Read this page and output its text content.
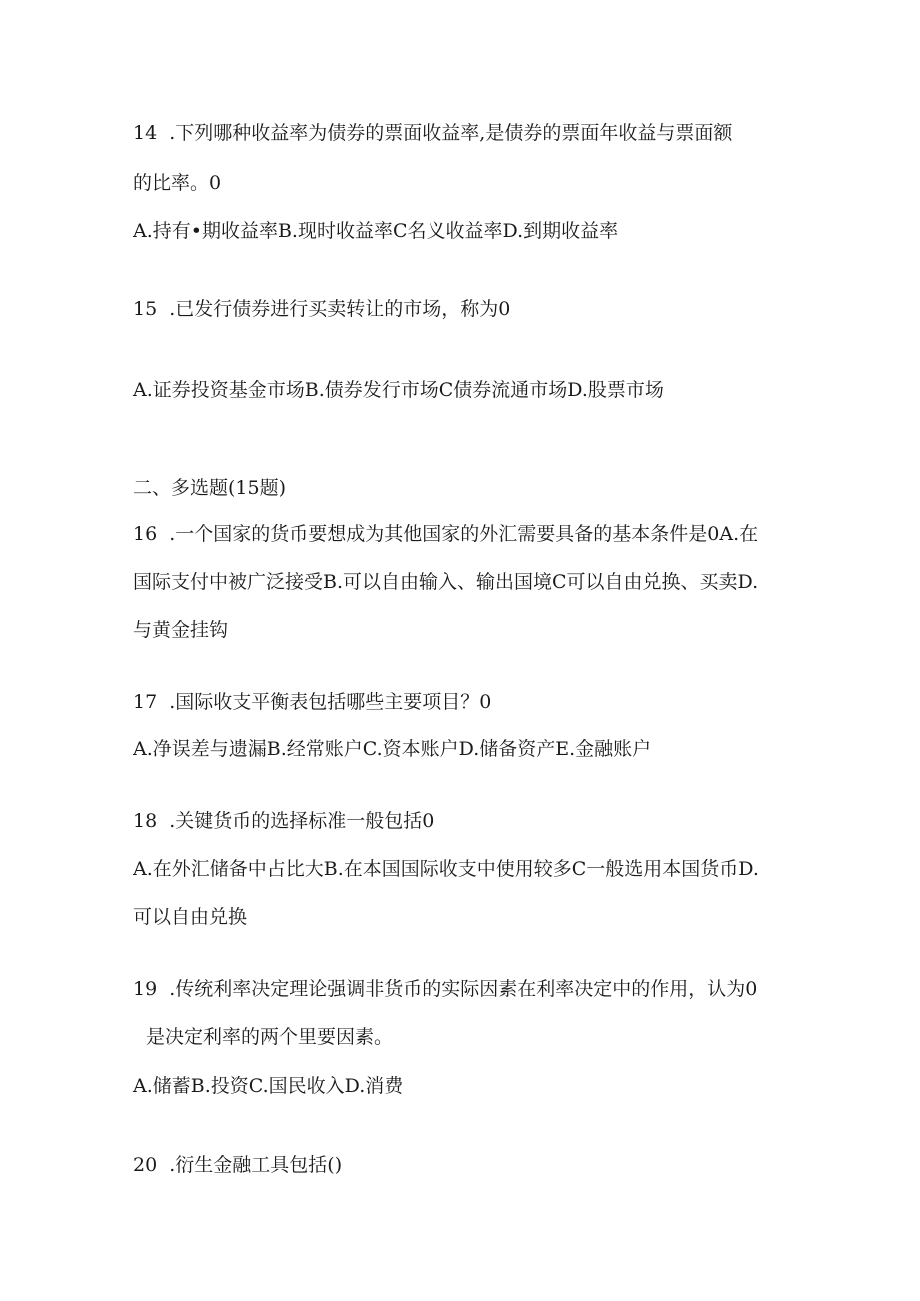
14  .下列哪种收益率为债券的票面收益率,是债券的票面年收益与票面额

的比率。0

A.持有•期收益率B.现时收益率C名义收益率D.到期收益率

15  .已发行债券进行买卖转让的市场，称为0

A.证券投资基金市场B.债券发行市场C债券流通市场D.股票市场

二、多选题(15题)

16  .一个国家的货币要想成为其他国家的外汇需要具备的基本条件是0A.在

国际支付中被广泛接受B.可以自由输入、输出国境C可以自由兑换、买卖D.

与黄金挂钩

17  .国际收支平衡表包括哪些主要项目？0

A.净误差与遗漏B.经常账户C.资本账户D.储备资产E.金融账户

18  .关键货币的选择标准一般包括0

A.在外汇储备中占比大B.在本国国际收支中使用较多C一般选用本国货币D.

可以自由兑换

19  .传统利率决定理论强调非货币的实际因素在利率决定中的作用，认为0

是决定利率的两个里要因素。

A.储蓄B.投资C.国民收入D.消费

20  .衍生金融工具包括()
